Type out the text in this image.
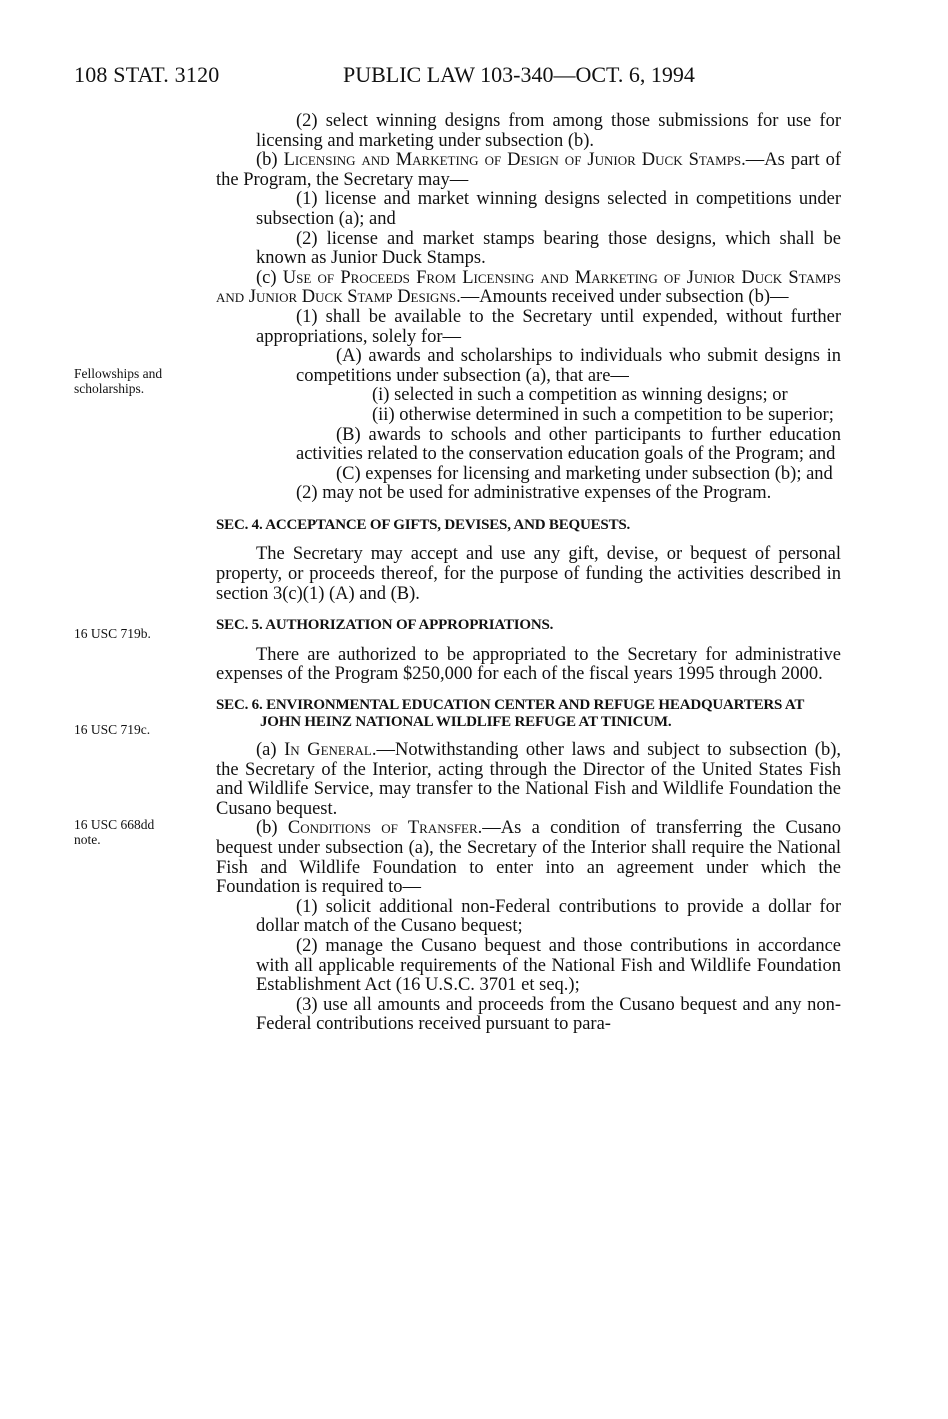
108 STAT. 3120	PUBLIC LAW 103-340—OCT. 6, 1994
Fellowships and scholarships.
16 USC 719b.
16 USC 719c.
16 USC 668dd note.

(2) select winning designs from among those submissions for use for licensing and marketing under subsection (b).

(b) Licensing and Marketing of Design of Junior Duck Stamps.—As part of the Program, the Secretary may—

(1) license and market winning designs selected in competitions under subsection (a); and

(2) license and market stamps bearing those designs, which shall be known as Junior Duck Stamps.

(c) Use of Proceeds From Licensing and Marketing of Junior Duck Stamps and Junior Duck Stamp Designs.—Amounts received under subsection (b)—

(1) shall be available to the Secretary until expended, without further appropriations, solely for—

(A) awards and scholarships to individuals who submit designs in competitions under subsection (a), that are—

(i) selected in such a competition as winning designs; or

(ii) otherwise determined in such a competition to be superior;

(B) awards to schools and other participants to further education activities related to the conservation education goals of the Program; and

(C) expenses for licensing and marketing under subsection (b); and

(2) may not be used for administrative expenses of the Program.

SEC. 4. ACCEPTANCE OF GIFTS, DEVISES, AND BEQUESTS.

The Secretary may accept and use any gift, devise, or bequest of personal property, or proceeds thereof, for the purpose of funding the activities described in section 3(c)(1) (A) and (B).

SEC. 5. AUTHORIZATION OF APPROPRIATIONS.

There are authorized to be appropriated to the Secretary for administrative expenses of the Program $250,000 for each of the fiscal years 1995 through 2000.

SEC. 6. ENVIRONMENTAL EDUCATION CENTER AND REFUGE HEADQUARTERS AT JOHN HEINZ NATIONAL WILDLIFE REFUGE AT TINICUM.

(a) In General.—Notwithstanding other laws and subject to subsection (b), the Secretary of the Interior, acting through the Director of the United States Fish and Wildlife Service, may transfer to the National Fish and Wildlife Foundation the Cusano bequest.

(b) Conditions of Transfer.—As a condition of transferring the Cusano bequest under subsection (a), the Secretary of the Interior shall require the National Fish and Wildlife Foundation to enter into an agreement under which the Foundation is required to—

(1) solicit additional non-Federal contributions to provide a dollar for dollar match of the Cusano bequest;

(2) manage the Cusano bequest and those contributions in accordance with all applicable requirements of the National Fish and Wildlife Foundation Establishment Act (16 U.S.C. 3701 et seq.);

(3) use all amounts and proceeds from the Cusano bequest and any non-Federal contributions received pursuant to para-
